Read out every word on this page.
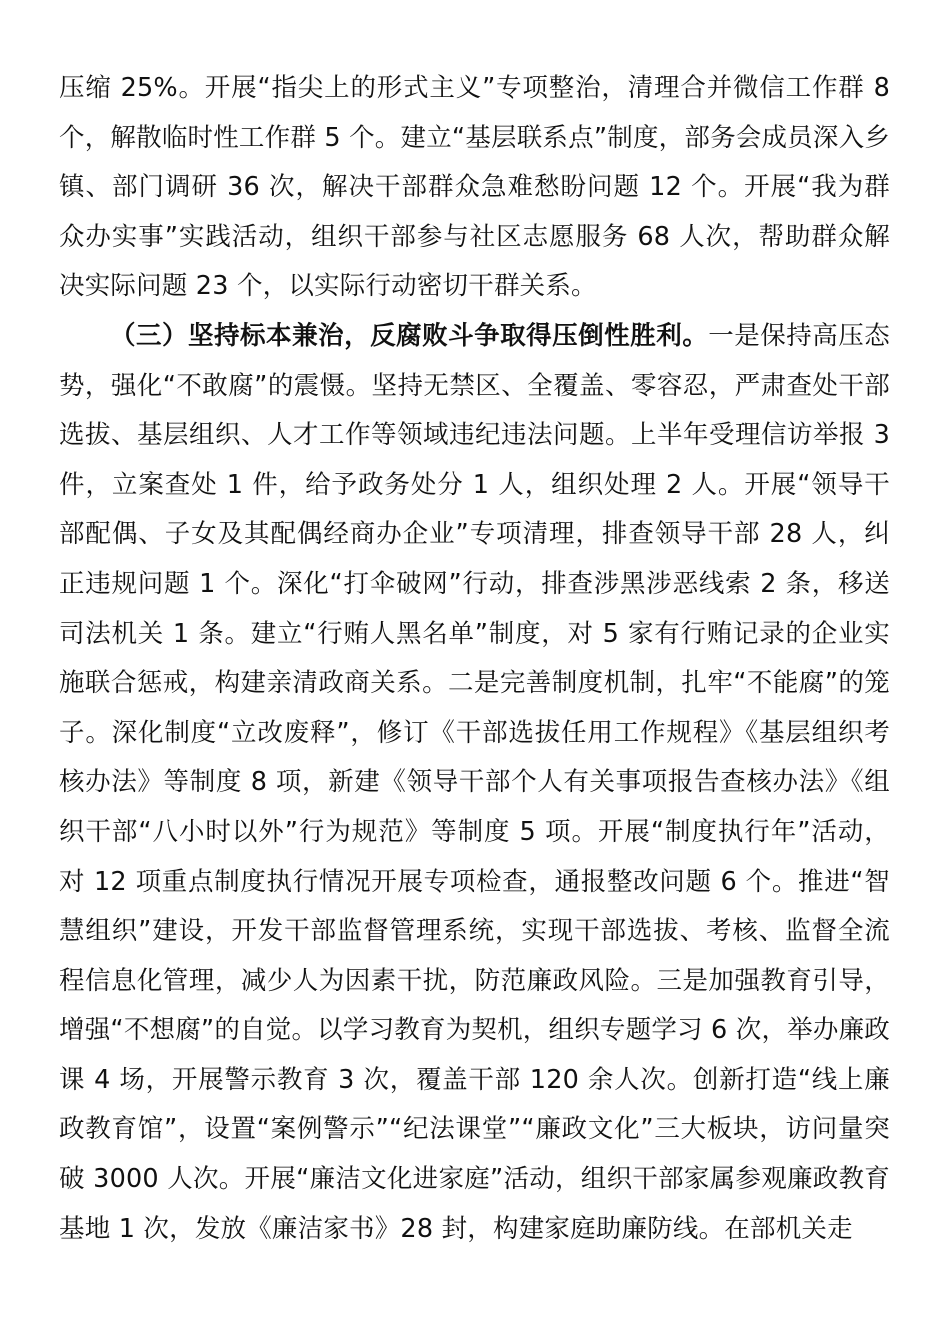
压缩 25%。开展“指尖上的形式主义”专项整治，清理合并微信工作群 8 个，解散临时性工作群 5 个。建立“基层联系点”制度，部务会成员深入乡镇、部门调研 36 次，解决干部群众急难愁盼问题 12 个。开展“我为群众办实事”实践活动，组织干部参与社区志愿服务 68 人次，帮助群众解决实际问题 23 个，以实际行动密切干群关系。

（三）坚持标本兼治，反腐败斗争取得压倒性胜利。一是保持高压态势，强化“不敢腐”的震慑。坚持无禁区、全覆盖、零容忍，严肃查处干部选拔、基层组织、人才工作等领域违纪违法问题。上半年受理信访举报 3 件，立案查处 1 件，给予政务处分 1 人，组织处理 2 人。开展“领导干部配偶、子女及其配偶经商办企业”专项清理，排查领导干部 28 人，纠正违规问题 1 个。深化“打伞破网”行动，排查涉黑涉恶线索 2 条，移送司法机关 1 条。建立“行贿人黑名单”制度，对 5 家有行贿记录的企业实施联合惩戒，构建亲清政商关系。二是完善制度机制，扎牢“不能腐”的笼子。深化制度“立改废释”，修订《干部选拔任用工作规程》《基层组织考核办法》等制度 8 项，新建《领导干部个人有关事项报告查核办法》《组织干部“八小时以外”行为规范》等制度 5 项。开展“制度执行年”活动，对 12 项重点制度执行情况开展专项检查，通报整改问题 6 个。推进“智慧组织”建设，开发干部监督管理系统，实现干部选拔、考核、监督全流程信息化管理，减少人为因素干扰，防范廉政风险。三是加强教育引导，增强“不想腐”的自觉。以学习教育为契机，组织专题学习 6 次，举办廉政课 4 场，开展警示教育 3 次，覆盖干部 120 余人次。创新打造“线上廉政教育馆”，设置“案例警示”“纪法课堂”“廉政文化”三大板块，访问量突破 3000 人次。开展“廉洁文化进家庭”活动，组织干部家属参观廉政教育基地 1 次，发放《廉洁家书》28 封，构建家庭助廉防线。在部机关走
